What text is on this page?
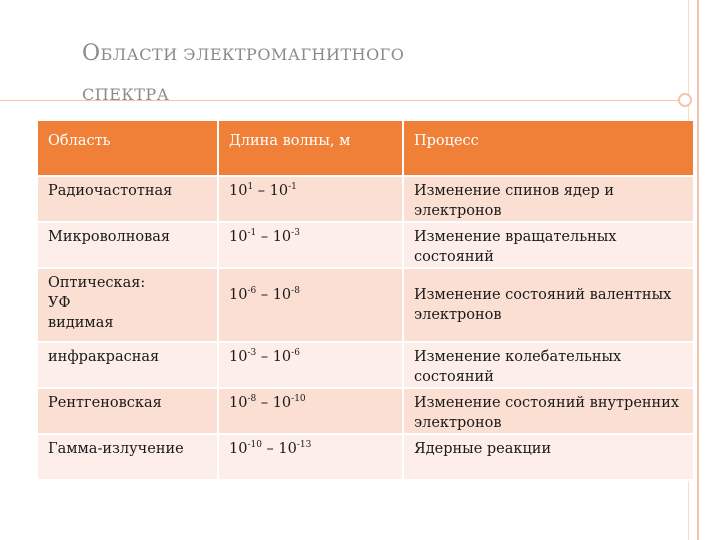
ОБЛАСТИ ЭЛЕКТРОМАГНИТНОГО
СПЕКТРА
Область	Длина волны, м	Процесс
Радиочастотная	$10^1 - 10^{-1}$	Изменение спинов ядер и электронов
Микроволновая	$10^{-1} - 10^{-3}$	Изменение вращательных состояний

Оптическая:
УФ
видимая	$10^{-6} - 10^{-8}$	Изменение состояний валентных электронов
инфракрасная	$10^{-3} - 10^{-6}$	Изменение колебательных состояний
Рентгеновская	$10^{-8} - 10^{-10}$	Изменение состояний внутренних электронов
Гамма-излучение	$10^{-10} - 10^{-13}$	Ядерные реакции
